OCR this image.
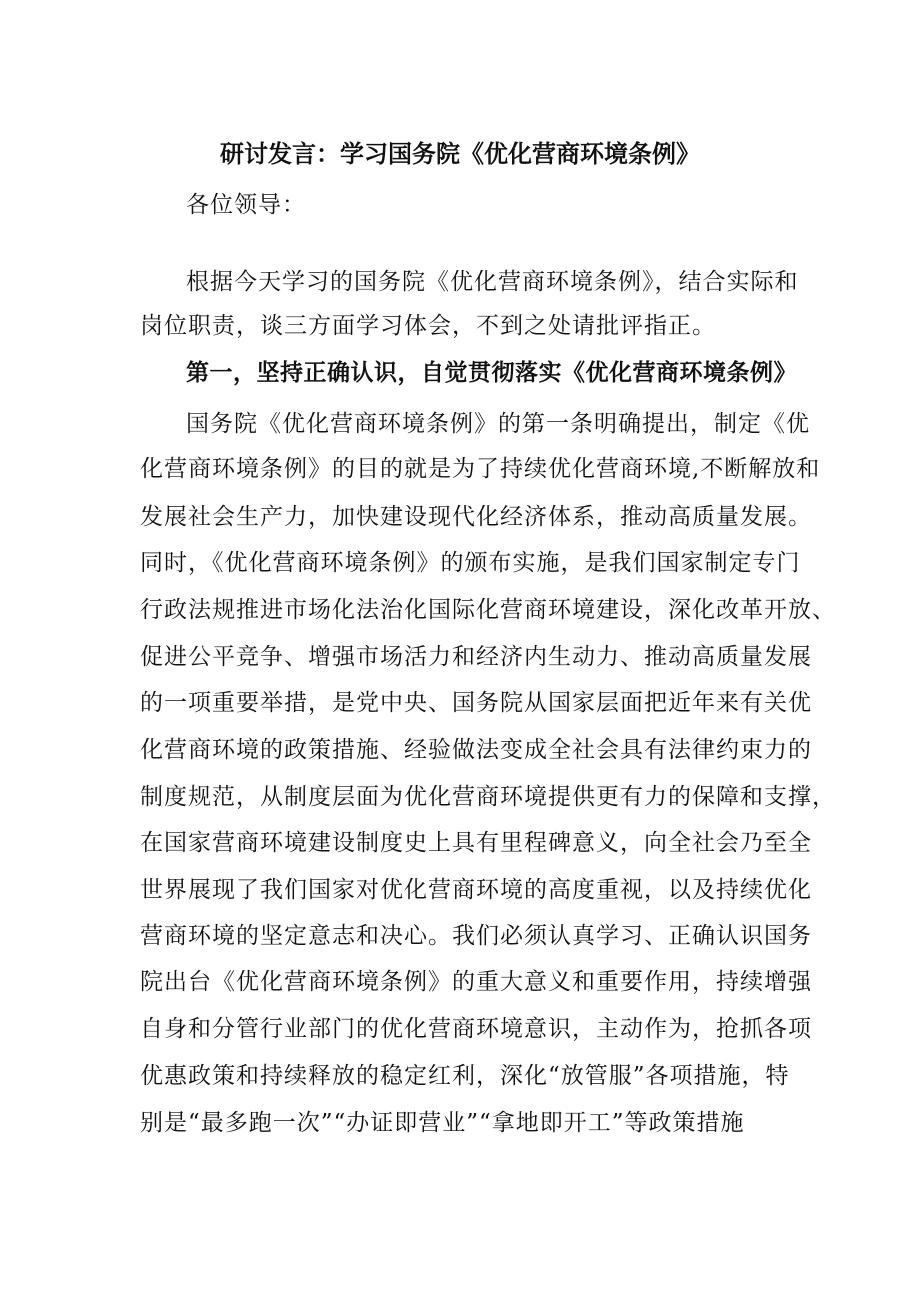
研讨发言：学习国务院《优化营商环境条例》
各位领导：
根据今天学习的国务院《优化营商环境条例》，结合实际和
岗位职责，谈三方面学习体会，不到之处请批评指正。
第一，坚持正确认识，自觉贯彻落实《优化营商环境条例》
国务院《优化营商环境条例》的第一条明确提出，制定《优
化营商环境条例》的目的就是为了持续优化营商环境,不断解放和
发展社会生产力，加快建设现代化经济体系，推动高质量发展。
同时，《优化营商环境条例》的颁布实施，是我们国家制定专门
行政法规推进市场化法治化国际化营商环境建设，深化改革开放、
促进公平竞争、增强市场活力和经济内生动力、推动高质量发展
的一项重要举措，是党中央、国务院从国家层面把近年来有关优
化营商环境的政策措施、经验做法变成全社会具有法律约束力的
制度规范，从制度层面为优化营商环境提供更有力的保障和支撑，
在国家营商环境建设制度史上具有里程碑意义，向全社会乃至全
世界展现了我们国家对优化营商环境的高度重视，以及持续优化
营商环境的坚定意志和决心。我们必须认真学习、正确认识国务
院出台《优化营商环境条例》的重大意义和重要作用，持续增强
自身和分管行业部门的优化营商环境意识，主动作为，抢抓各项
优惠政策和持续释放的稳定红利，深化“放管服”各项措施，特
别是“最多跑一次”“办证即营业”“拿地即开工”等政策措施
